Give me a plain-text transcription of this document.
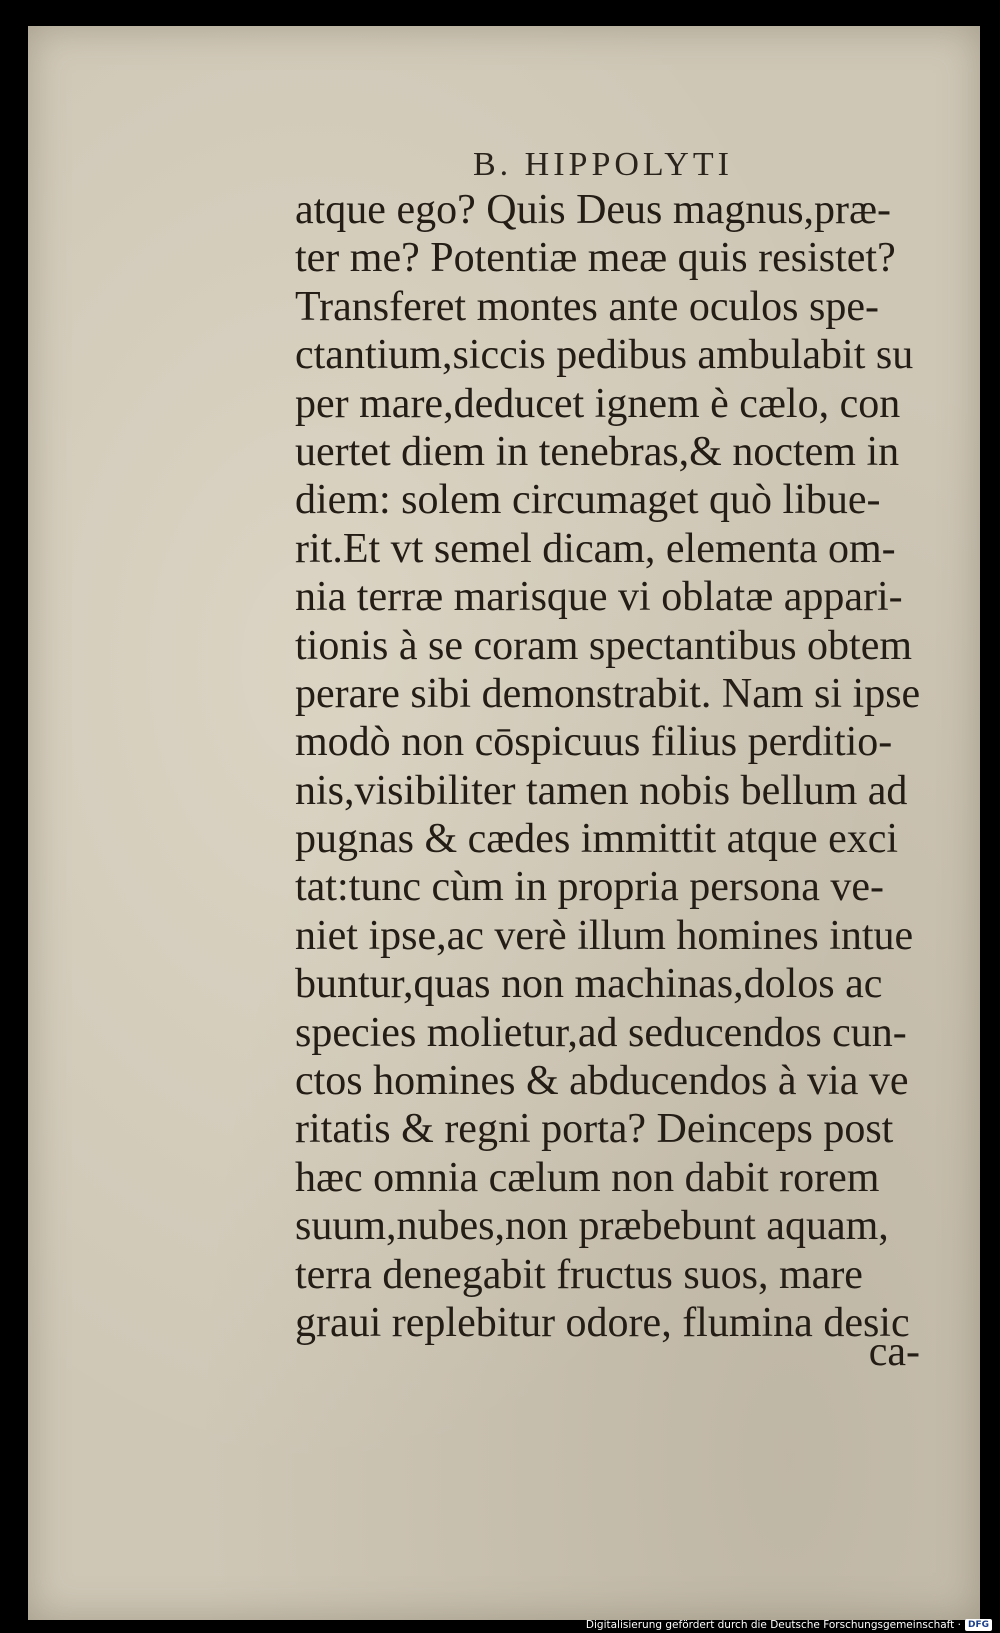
B. HIPPOLYTI
atque ego? Quis Deus magnus,præ-
ter me? Potentiæ meæ quis resistet?
Transferet montes ante oculos spe-
ctantium,siccis pedibus ambulabit su
per mare,deducet ignem è cælo, con
uertet diem in tenebras,& noctem in
diem: solem circumaget quò libue-
rit.Et vt semel dicam, elementa om-
nia terræ marisque vi oblatæ appari-
tionis à se coram spectantibus obtem
perare sibi demonstrabit. Nam si ipse
modò non cōspicuus filius perditio-
nis,visibiliter tamen nobis bellum ad
pugnas & cædes immittit atque exci
tat:tunc cùm in propria persona ve-
niet ipse,ac verè illum homines intue
buntur,quas non machinas,dolos ac
species molietur,ad seducendos cun-
ctos homines & abducendos à via ve
ritatis & regni porta? Deinceps post
hæc omnia cælum non dabit rorem
suum,nubes,non præbebunt aquam,
terra denegabit fructus suos, mare
graui replebitur odore, flumina desic
ca-
Digitalisierung gefördert durch die Deutsche Forschungsgemeinschaft · DFG
